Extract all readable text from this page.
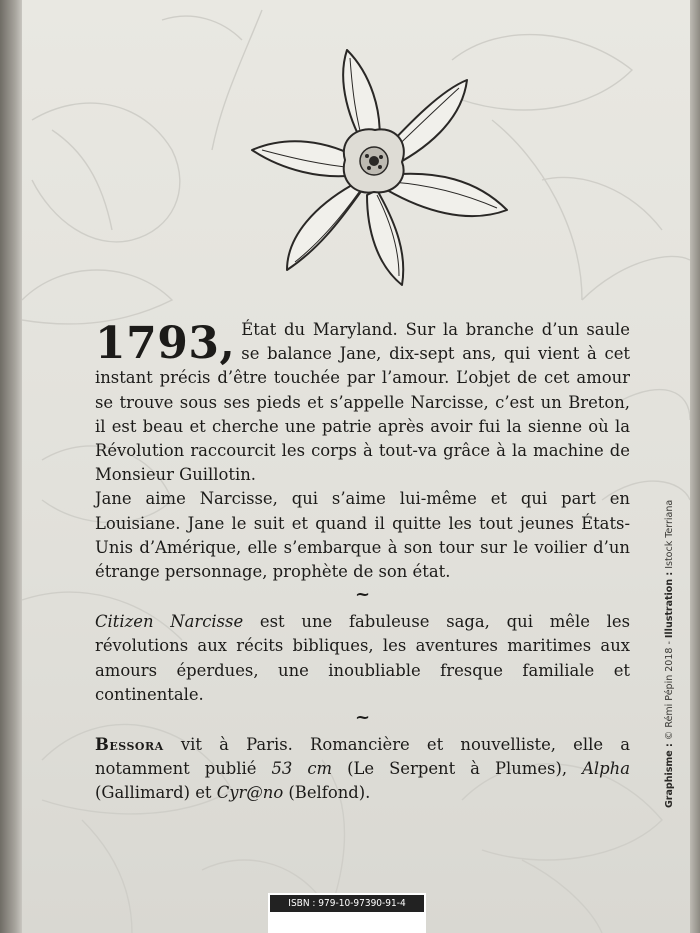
1793, État du Maryland. Sur la branche d’un saule se balance Jane, dix-sept ans, qui vient à cet instant précis d’être touchée par l’amour. L’objet de cet amour se trouve sous ses pieds et s’appelle Narcisse, c’est un Breton, il est beau et cherche une patrie après avoir fui la sienne où la Révolution raccourcit les corps à tout-va grâce à la machine de Monsieur Guillotin.

Jane aime Narcisse, qui s’aime lui-même et qui part en Louisiane. Jane le suit et quand il quitte les tout jeunes États-Unis d’Amérique, elle s’embarque à son tour sur le voilier d’un étrange personnage, prophète de son état.

~

Citizen Narcisse est une fabuleuse saga, qui mêle les révolutions aux récits bibliques, les aventures maritimes aux amours éperdues, une inoubliable fresque familiale et continentale.

~

Bessora vit à Paris. Romancière et nouvelliste, elle a notamment publié 53 cm (Le Serpent à Plumes), Alpha (Gallimard) et Cyr@no (Belfond).	Graphisme : © Rémi Pépin 2018 - Illustration : Istock Terriana
ISBN : 979-10-97390-91-4
